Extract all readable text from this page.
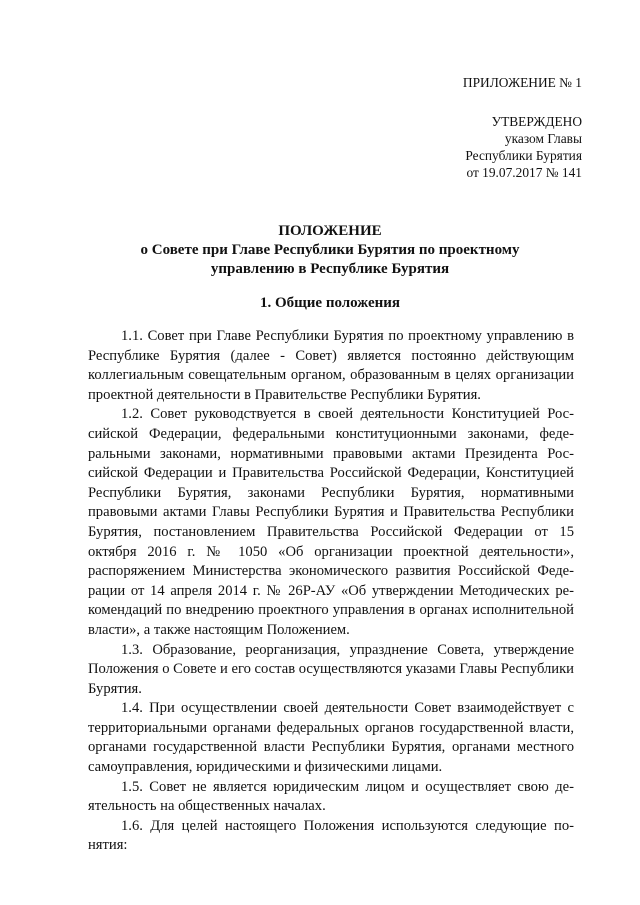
ПРИЛОЖЕНИЕ № 1
УТВЕРЖДЕНО
указом Главы
Республики Бурятия
от 19.07.2017 № 141
ПОЛОЖЕНИЕ
о Совете при Главе Республики Бурятия по проектному
управлению в Республике Бурятия
1. Общие положения

1.1. Совет при Главе Республики Бурятия по проектному управлению в Республике Бурятия (далее - Совет) является постоянно действующим коллегиальным совещательным органом, образованным в целях организации проектной деятельности в Правительстве Республики Бурятия.

1.2. Совет руководствуется в своей деятельности Конституцией Российской Федерации, федеральными конституционными законами, федеральными законами, нормативными правовыми актами Президента Российской Федерации и Правительства Российской Федерации, Конституцией Республики Бурятия, законами Республики Бурятия, нормативными правовыми актами Главы Республики Бурятия и Правительства Республики Бурятия, постановлением Правительства Российской Федерации от 15 октября 2016 г. № 1050 «Об организации проектной деятельности», распоряжением Министерства экономического развития Российской Федерации от 14 апреля 2014 г. № 26Р-АУ «Об утверждении Методических рекомендаций по внедрению проектного управления в органах исполнительной власти», а также настоящим Положением.

1.3. Образование, реорганизация, упразднение Совета, утверждение Положения о Совете и его состав осуществляются указами Главы Республики Бурятия.

1.4. При осуществлении своей деятельности Совет взаимодействует с территориальными органами федеральных органов государственной власти, органами государственной власти Республики Бурятия, органами местного самоуправления, юридическими и физическими лицами.

1.5. Совет не является юридическим лицом и осуществляет свою деятельность на общественных началах.

1.6. Для целей настоящего Положения используются следующие понятия:
